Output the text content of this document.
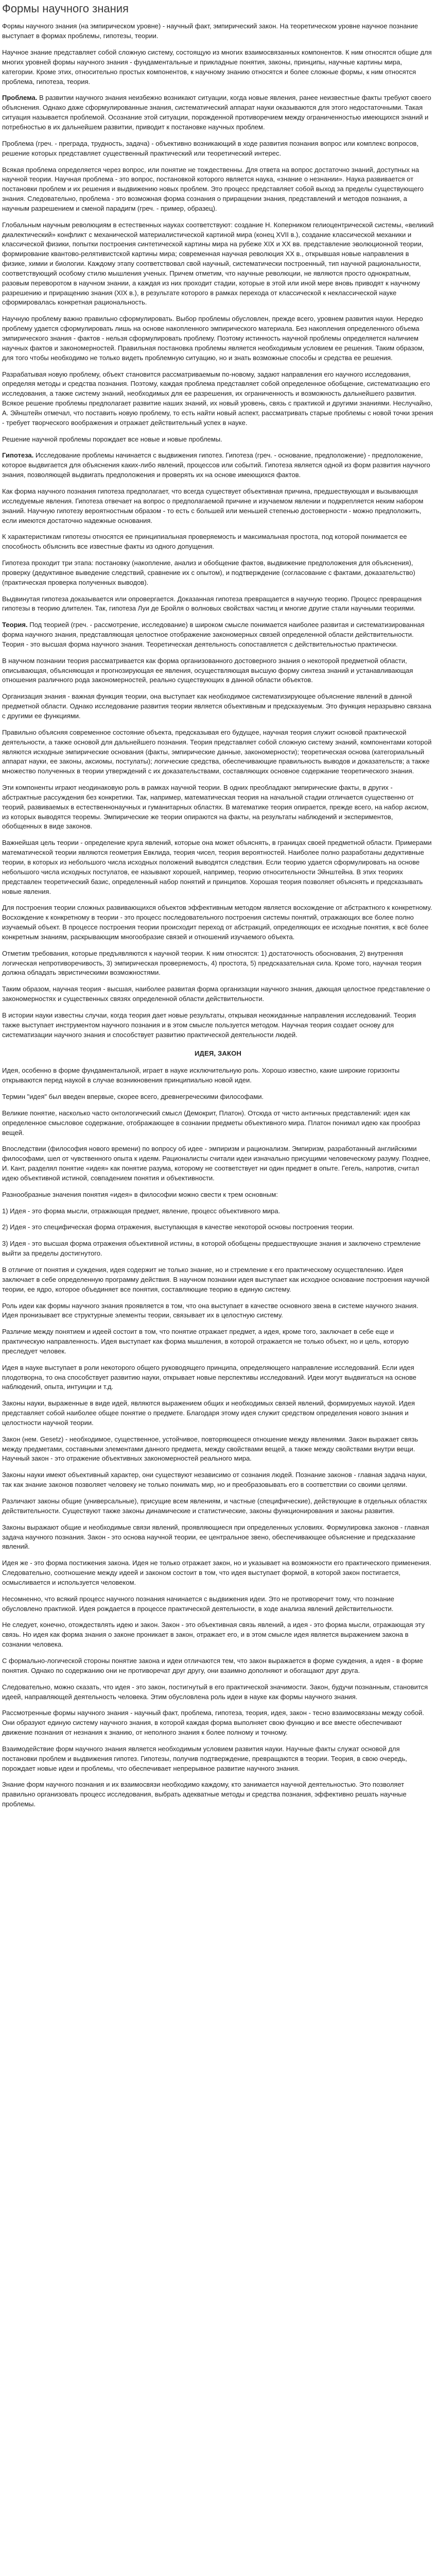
Формы научного знания

Формы научного знания (на эмпирическом уровне) - научный факт, эмпирический закон. На теоретическом уровне научное познание выступает в формах проблемы, гипотезы, теории.

Научное знание представляет собой сложную систему, состоящую из многих взаимосвязанных компонентов. К ним относятся общие для многих уровней формы научного знания - фундаментальные и прикладные понятия, законы, принципы, научные картины мира, категории. Кроме этих, относительно простых компонентов, к научному знанию относятся и более сложные формы, к ним относятся проблема, гипотеза, теория.

Проблема. В развитии научного знания неизбежно возникают ситуации, когда новые явления, ранее неизвестные факты требуют своего объяснения. Однако даже сформулированные знания, систематический аппарат науки оказываются для этого недостаточными. Такая ситуация называется проблемой. Осознание этой ситуации, порожденной противоречием между ограниченностью имеющихся знаний и потребностью в их дальнейшем развитии, приводит к постановке научных проблем.

Проблема (греч. - преграда, трудность, задача) - объективно возникающий в ходе развития познания вопрос или комплекс вопросов, решение которых представляет существенный практический или теоретический интерес.

Всякая проблема определяется через вопрос, или понятие не тождественны. Для ответа на вопрос достаточно знаний, доступных на научной теории. Научная проблема - это вопрос, постановкой которого является наука, «знание о незнании». Наука развивается от постановки проблем и их решения и выдвижению новых проблем. Это процесс представляет собой выход за пределы существующего знания. Следовательно, проблема - это возможная форма сознания о приращении знания, представлений и методов познания, а научным разрешением и сменой парадигм (греч. - пример, образец).

Глобальным научным революциям в естественных науках соответствуют: создание Н. Коперником гелиоцентрической системы, «великий диалектический» конфликт с механической материалистической картиной мира (конец XVII в.), создание классической механики и классической физики, попытки построения синтетической картины мира на рубеже XIX и XX вв. представление эволюционной теории, формирование квантово-релятивистской картины мира; современная научная революция XX в., открывшая новые направления в физике, химии и биологии. Каждому этапу соответствовал свой научный, систематически построенный, тип научной рациональности, соответствующий особому стилю мышления ученых. Причем отметим, что научные революции, не являются просто однократным, разовым переворотом в научном знании, а каждая из них проходит стадии, которые в этой или иной мере вновь приводят к научному разрешению и приращению знания (XIX в.), в результате которого в рамках перехода от классической к неклассической науке сформировалась конкретная рациональность.

Научную проблему важно правильно сформулировать. Выбор проблемы обусловлен, прежде всего, уровнем развития науки. Нередко проблему удается сформулировать лишь на основе накопленного эмпирического материала. Без накопления определенного объема эмпирического знания - фактов - нельзя сформулировать проблему. Поэтому истинность научной проблемы определяется наличием научных фактов и закономерностей. Правильная постановка проблемы является необходимым условием ее решения. Таким образом, для того чтобы необходимо не только видеть проблемную ситуацию, но и знать возможные способы и средства ее решения.

Разрабатывая новую проблему, объект становится рассматриваемым по-новому, задают направления его научного исследования, определяя методы и средства познания. Поэтому, каждая проблема представляет собой определенное обобщение, систематизацию его исследования, а также систему знаний, необходимых для ее разрешения, их ограниченность и возможность дальнейшего развития. Всякое решение проблемы предполагает развитие наших знаний, их новый уровень, связь с практикой и другими знаниями. Неслучайно, А. Эйнштейн отмечал, что поставить новую проблему, то есть найти новый аспект, рассматривать старые проблемы с новой точки зрения - требует творческого воображения и отражает действительный успех в науке.

Решение научной проблемы порождает все новые и новые проблемы.

Гипотеза. Исследование проблемы начинается с выдвижения гипотез. Гипотеза (греч. - основание, предположение) - предположение, которое выдвигается для объяснения каких-либо явлений, процессов или событий. Гипотеза является одной из форм развития научного знания, позволяющей выдвигать предположения и проверять их на основе имеющихся фактов.

Как форма научного познания гипотеза предполагает, что всегда существует объективная причина, предшествующая и вызывающая исследуемые явления. Гипотеза отвечает на вопрос о предполагаемой причине и изучаемом явлении и подкрепляется неким набором знаний. Научную гипотезу вероятностным образом - то есть с большей или меньшей степенью достоверности - можно предположить, если имеются достаточно надежные основания.

К характеристикам гипотезы относятся ее принципиальная проверяемость и максимальная простота, под которой понимается ее способность объяснить все известные факты из одного допущения.

Гипотеза проходит три этапа: постановку (накопление, анализ и обобщение фактов, выдвижение предположения для объяснения), проверку (дедуктивное выведение следствий, сравнение их с опытом), и подтверждение (согласование с фактами, доказательство) (практическая проверка полученных выводов).

Выдвинутая гипотеза доказывается или опровергается. Доказанная гипотеза превращается в научную теорию. Процесс превращения гипотезы в теорию длителен. Так, гипотеза Луи де Бройля о волновых свойствах частиц и многие другие стали научными теориями.

Теория. Под теорией (греч. - рассмотрение, исследование) в широком смысле понимается наиболее развитая и систематизированная форма научного знания, представляющая целостное отображение закономерных связей определенной области действительности. Теория - это высшая форма научного знания. Теоретическая деятельность сопоставляется с действительностью практически.

В научном познании теория рассматривается как форма организованного достоверного знания о некоторой предметной области, описывающая, объясняющая и прогнозирующая ее явления, осуществляющая высшую форму синтеза знаний и устанавливающая отношения различного рода закономерностей, реально существующих в данной области объектов.

Организация знания - важная функция теории, она выступает как необходимое систематизирующее объяснение явлений в данной предметной области. Однако исследование развития теории является объективным и предсказуемым. Это функция неразрывно связана с другими ее функциями.

Правильно объясняя современное состояние объекта, предсказывая его будущее, научная теория служит основой практической деятельности, а также основой для дальнейшего познания. Теория представляет собой сложную систему знаний, компонентами которой являются исходные эмпирические основания (факты, эмпирические данные, закономерности); теоретическая основа (категориальный аппарат науки, ее законы, аксиомы, постулаты); логические средства, обеспечивающие правильность выводов и доказательств; а также множество полученных в теории утверждений с их доказательствами, составляющих основное содержание теоретического знания.

Эти компоненты играют неодинаковую роль в рамках научной теории. В одних преобладают эмпирические факты, в других - абстрактные рассуждения без конкретики. Так, например, математическая теория на начальной стадии отличается существенно от теорий, развиваемых в естественнонаучных и гуманитарных областях. В математике теория опирается, прежде всего, на набор аксиом, из которых выводятся теоремы. Эмпирические же теории опираются на факты, на результаты наблюдений и экспериментов, обобщенных в виде законов.

Важнейшая цель теории - определение круга явлений, которые она может объяснять, в границах своей предметной области. Примерами математической теории являются геометрия Евклида, теория чисел, теория вероятностей. Наиболее полно разработаны дедуктивные теории, в которых из небольшого числа исходных положений выводятся следствия. Если теорию удается сформулировать на основе небольшого числа исходных постулатов, ее называют хорошей, например, теорию относительности Эйнштейна. В этих теориях представлен теоретический базис, определенный набор понятий и принципов. Хорошая теория позволяет объяснять и предсказывать новые явления.

Для построения теории сложных развивающихся объектов эффективным методом является восхождение от абстрактного к конкретному. Восхождение к конкретному в теории - это процесс последовательного построения системы понятий, отражающих все более полно изучаемый объект. В процессе построения теории происходит переход от абстракций, определяющих ее исходные понятия, к всё более конкретным знаниям, раскрывающим многообразие связей и отношений изучаемого объекта.

Отметим требования, которые предъявляются к научной теории. К ним относятся: 1) достаточность обоснования, 2) внутренняя логическая непротиворечивость, 3) эмпирическая проверяемость, 4) простота, 5) предсказательная сила. Кроме того, научная теория должна обладать эвристическими возможностями.

Таким образом, научная теория - высшая, наиболее развитая форма организации научного знания, дающая целостное представление о закономерностях и существенных связях определенной области действительности.

В истории науки известны случаи, когда теория дает новые результаты, открывая неожиданные направления исследований. Теория также выступает инструментом научного познания и в этом смысле пользуется методом. Научная теория создает основу для систематизации научного знания и способствует развитию практической деятельности людей.

ИДЕЯ, ЗАКОН

Идея, особенно в форме фундаментальной, играет в науке исключительную роль. Хорошо известно, какие широкие горизонты открываются перед наукой в случае возникновения принципиально новой идеи.

Термин "идея" был введен впервые, скорее всего, древнегреческими философами.

Великие понятие, насколько часто онтологический смысл (Демокрит, Платон). Отсюда от чисто античных представлений: идея как определенное смысловое содержание, отображающее в сознании предметы объективного мира. Платон понимал идею как прообраз вещей.

Впоследствии (философия нового времени) по вопросу об идее - эмпиризм и рационализм. Эмпиризм, разработанный английскими философами, шел от чувственного опыта к идеям. Рационалисты считали идеи изначально присущими человеческому разуму. Позднее, И. Кант, разделял понятие «идея» как понятие разума, которому не соответствует ни один предмет в опыте. Гегель, напротив, считал идею объективной истиной, совпадением понятия и объективности.

Разнообразные значения понятия «идея» в философии можно свести к трем основным:

1) Идея - это форма мысли, отражающая предмет, явление, процесс объективного мира.

2) Идея - это специфическая форма отражения, выступающая в качестве некоторой основы построения теории.

3) Идея - это высшая форма отражения объективной истины, в которой обобщены предшествующие знания и заключено стремление выйти за пределы достигнутого.

В отличие от понятия и суждения, идея содержит не только знание, но и стремление к его практическому осуществлению. Идея заключает в себе определенную программу действия. В научном познании идея выступает как исходное основание построения научной теории, ее ядро, которое объединяет все понятия, составляющие теорию в единую систему.

Роль идеи как формы научного знания проявляется в том, что она выступает в качестве основного звена в системе научного знания. Идея пронизывает все структурные элементы теории, связывает их в целостную систему.

Различие между понятием и идеей состоит в том, что понятие отражает предмет, а идея, кроме того, заключает в себе еще и практическую направленность. Идея выступает как форма мышления, в которой отражается не только объект, но и цель, которую преследует человек.

Идея в науке выступает в роли некоторого общего руководящего принципа, определяющего направление исследований. Если идея плодотворна, то она способствует развитию науки, открывает новые перспективы исследований. Идеи могут выдвигаться на основе наблюдений, опыта, интуиции и т.д.

Законы науки, выраженные в виде идей, являются выражением общих и необходимых связей явлений, формируемых наукой. Идея представляет собой наиболее общее понятие о предмете. Благодаря этому идея служит средством определения нового знания и целостности научной теории.

Закон (нем. Gesetz) - необходимое, существенное, устойчивое, повторяющееся отношение между явлениями. Закон выражает связь между предметами, составными элементами данного предмета, между свойствами вещей, а также между свойствами внутри вещи. Научный закон - это отражение объективных закономерностей реального мира.

Законы науки имеют объективный характер, они существуют независимо от сознания людей. Познание законов - главная задача науки, так как знание законов позволяет человеку не только понимать мир, но и преобразовывать его в соответствии со своими целями.

Различают законы общие (универсальные), присущие всем явлениям, и частные (специфические), действующие в отдельных областях действительности. Существуют также законы динамические и статистические, законы функционирования и законы развития.

Законы выражают общие и необходимые связи явлений, проявляющиеся при определенных условиях. Формулировка законов - главная задача научного познания. Закон - это основа научной теории, ее центральное звено, обеспечивающее объяснение и предсказание явлений.

Идея же - это форма постижения закона. Идея не только отражает закон, но и указывает на возможности его практического применения. Следовательно, соотношение между идеей и законом состоит в том, что идея выступает формой, в которой закон постигается, осмысливается и используется человеком.

Несомненно, что всякий процесс научного познания начинается с выдвижения идеи. Это не противоречит тому, что познание обусловлено практикой. Идея рождается в процессе практической деятельности, в ходе анализа явлений действительности.

Не следует, конечно, отождествлять идею и закон. Закон - это объективная связь явлений, а идея - это форма мысли, отражающая эту связь. Но идея как форма знания о законе проникает в закон, отражает его, и в этом смысле идея является выражением закона в сознании человека.

С формально-логической стороны понятие закона и идеи отличаются тем, что закон выражается в форме суждения, а идея - в форме понятия. Однако по содержанию они не противоречат друг другу, они взаимно дополняют и обогащают друг друга.

Следовательно, можно сказать, что идея - это закон, постигнутый в его практической значимости. Закон, будучи познанным, становится идеей, направляющей деятельность человека. Этим обусловлена роль идеи в науке как формы научного знания.

Рассмотренные формы научного знания - научный факт, проблема, гипотеза, теория, идея, закон - тесно взаимосвязаны между собой. Они образуют единую систему научного знания, в которой каждая форма выполняет свою функцию и все вместе обеспечивают движение познания от незнания к знанию, от неполного знания к более полному и точному.

Взаимодействие форм научного знания является необходимым условием развития науки. Научные факты служат основой для постановки проблем и выдвижения гипотез. Гипотезы, получив подтверждение, превращаются в теории. Теория, в свою очередь, порождает новые идеи и проблемы, что обеспечивает непрерывное развитие научного знания.

Знание форм научного познания и их взаимосвязи необходимо каждому, кто занимается научной деятельностью. Это позволяет правильно организовать процесс исследования, выбрать адекватные методы и средства познания, эффективно решать научные проблемы.
